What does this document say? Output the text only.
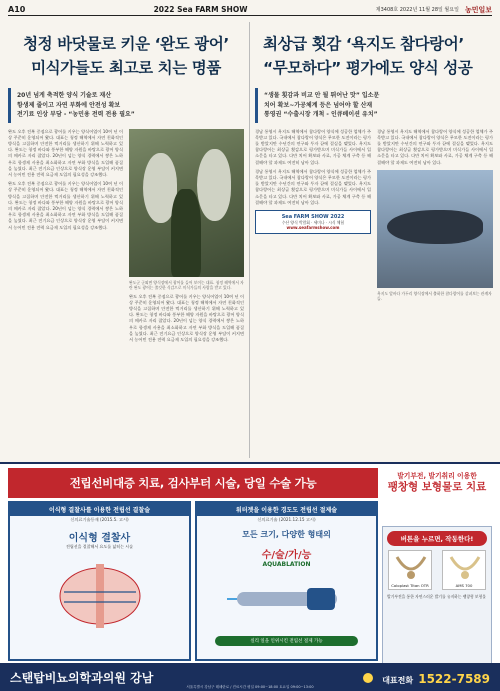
A10	2022 Sea FARM SHOW	제3408호 2022년 11월 28일 월요일 농민일보
청정 바닷물로 키운 ‘완도 광어’
미식가들도 최고로 치는 명품
20년 넘게 축적한 양식 기술로 재산
항생제 줄이고 자연 부화에 안전성 확보
전기료 인상 부담 - “농민용 전력 전용 필요”

완도 오후 전복 중점으로 광어를 키우는 양식어업이 10여 년 이상 꾸준히 운영되어 왔다. 대표는 청정 해역에서 자연 친화적인 방식을 고집하며 안전한 먹거리를 생산하기 위해 노력하고 있다. 완도는 청정 바다와 풍부한 해양 자원을 바탕으로 광어 양식의 메카로 자리 잡았다. 20년이 넘는 양식 경력에서 쌓은 노하우로 항생제 사용을 최소화하고 자연 부화 방식을 도입해 품질을 높였다. 최근 전기요금 인상으로 양식장 운영 부담이 커지면서 농어민 전용 전력 요금제 도입의 필요성을 강조했다.

완도 오후 전복 중점으로 광어를 키우는 양식어업이 10여 년 이상 꾸준히 운영되어 왔다. 대표는 청정 해역에서 자연 친화적인 방식을 고집하며 안전한 먹거리를 생산하기 위해 노력하고 있다. 완도는 청정 바다와 풍부한 해양 자원을 바탕으로 광어 양식의 메카로 자리 잡았다. 20년이 넘는 양식 경력에서 쌓은 노하우로 항생제 사용을 최소화하고 자연 부화 방식을 도입해 품질을 높였다. 최근 전기요금 인상으로 양식장 운영 부담이 커지면서 농어민 전용 전력 요금제 도입의 필요성을 강조했다.

완도군 군외면 양식장에서 광어를 들어 보이는 대표. 청정 해역에서 자란 완도 광어는 쫄깃한 식감으로 미식가들의 사랑을 받고 있다.

완도 오후 전복 중점으로 광어를 키우는 양식어업이 10여 년 이상 꾸준히 운영되어 왔다. 대표는 청정 해역에서 자연 친화적인 방식을 고집하며 안전한 먹거리를 생산하기 위해 노력하고 있다. 완도는 청정 바다와 풍부한 해양 자원을 바탕으로 광어 양식의 메카로 자리 잡았다. 20년이 넘는 양식 경력에서 쌓은 노하우로 항생제 사용을 최소화하고 자연 부화 방식을 도입해 품질을 높였다. 최근 전기요금 인상으로 양식장 운영 부담이 커지면서 농어민 전용 전력 요금제 도입의 필요성을 강조했다.

최상급 횟감 ‘욕지도 참다랑어’
“무모하다” 평가에도 양식 성공
“생물 횟감과 비교 안 될 뛰어난 맛” 입소문
치어 확보~가공체계 등은 넘어야 할 산재
통영권 “수출시장 개척 - 인큐베이션 유치”

경남 통영시 욕지도 해역에서 참다랑어 양식에 성공한 업체가 주목받고 있다. 국내에서 참다랑어 양식은 무모한 도전이라는 평가를 받았지만 수년간의 연구와 투자 끝에 결실을 맺었다. 욕지도 참다랑어는 최상급 횟감으로 평가받으며 미식가들 사이에서 입소문을 타고 있다. 다만 치어 확보와 사료, 가공 체계 구축 등 해결해야 할 과제도 여전히 남아 있다.

경남 통영시 욕지도 해역에서 참다랑어 양식에 성공한 업체가 주목받고 있다. 국내에서 참다랑어 양식은 무모한 도전이라는 평가를 받았지만 수년간의 연구와 투자 끝에 결실을 맺었다. 욕지도 참다랑어는 최상급 횟감으로 평가받으며 미식가들 사이에서 입소문을 타고 있다. 다만 치어 확보와 사료, 가공 체계 구축 등 해결해야 할 과제도 여전히 남아 있다.

Sea FARM SHOW 2022
수산 양식 박람회 · 세미나 · 시식 체험
www.seafarmshow.com

경남 통영시 욕지도 해역에서 참다랑어 양식에 성공한 업체가 주목받고 있다. 국내에서 참다랑어 양식은 무모한 도전이라는 평가를 받았지만 수년간의 연구와 투자 끝에 결실을 맺었다. 욕지도 참다랑어는 최상급 횟감으로 평가받으며 미식가들 사이에서 입소문을 타고 있다. 다만 치어 확보와 사료, 가공 체계 구축 등 해결해야 할 과제도 여전히 남아 있다.

욕지도 앞바다 가두리 양식장에서 출하한 참다랑어를 살펴보는 관계자들.

전립선비대증 치료, 검사부터 시술, 당일 수술 가능	발기부전, 발기취리 이용한
팽창형 보형물로 치료
이식형 결찰사를 이용한 전립선 결찰술
신의료기술등재 (2015.5. 고시)
이식형 결찰사
전립선을 결찰해서 요도를 넓히는 시술
워터젯을 이용한 경도도 전립선 절제술
신의료기술 (2021.12.15 고시)
모든 크기, 다양한 형태의
수/술/가/능
AQUABLATION
실리 일을 인위시킨 전립선 절제 가능
버튼을 누르면, 작동한다!
Coloplast Titan OTR	AMS 700

발기부전을 통한 자연스러운 발기를 유지하는 팽창형 보형물

스탠탑비뇨의학과의원 강남	대표전화 1522-7589
서울특별시 강남구 테헤란로 / 진료시간 평일 09:00~18:00 토요일 09:00~13:00
